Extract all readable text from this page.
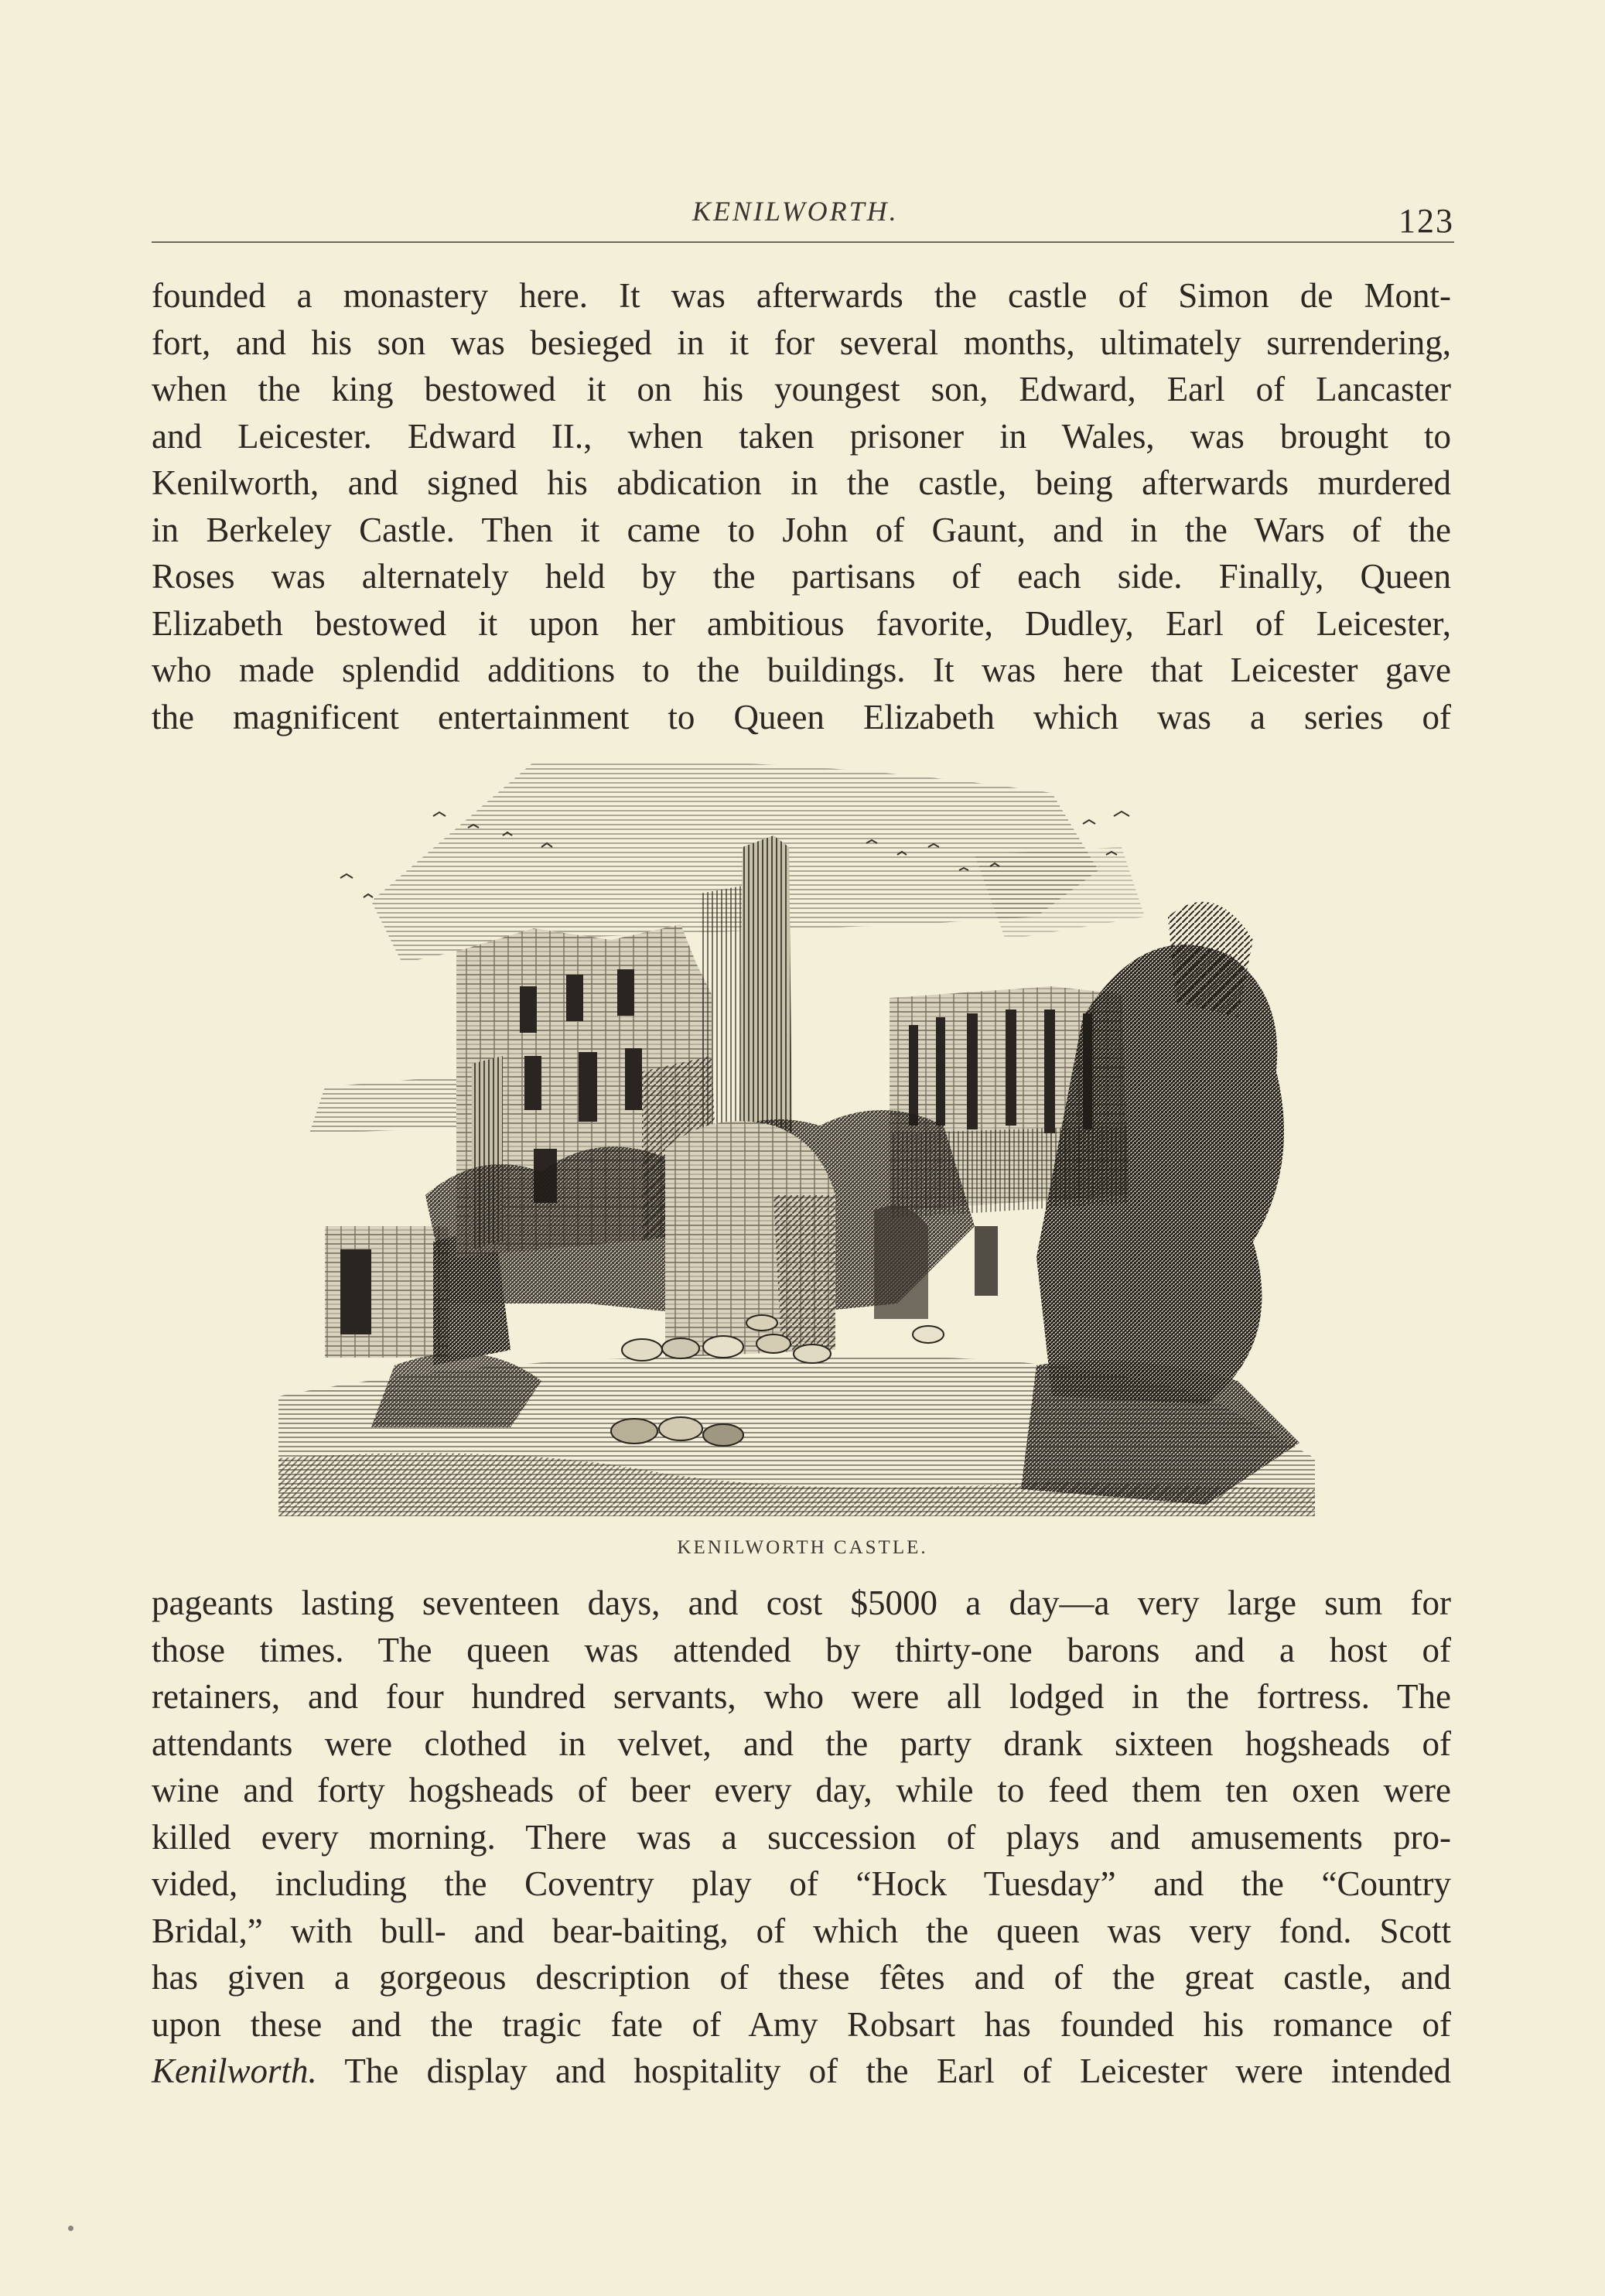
KENILWORTH.	123
founded a monastery here. It was afterwards the castle of Simon de Mont-
fort, and his son was besieged in it for several months, ultimately surrendering,
when the king bestowed it on his youngest son, Edward, Earl of Lancaster
and Leicester. Edward II., when taken prisoner in Wales, was brought to
Kenilworth, and signed his abdication in the castle, being afterwards murdered
in Berkeley Castle. Then it came to John of Gaunt, and in the Wars of the
Roses was alternately held by the partisans of each side. Finally, Queen
Elizabeth bestowed it upon her ambitious favorite, Dudley, Earl of Leicester,
who made splendid additions to the buildings. It was here that Leicester gave
the magnificent entertainment to Queen Elizabeth which was a series of
KENILWORTH CASTLE.
pageants lasting seventeen days, and cost $5000 a day—a very large sum for
those times. The queen was attended by thirty-one barons and a host of
retainers, and four hundred servants, who were all lodged in the fortress. The
attendants were clothed in velvet, and the party drank sixteen hogsheads of
wine and forty hogsheads of beer every day, while to feed them ten oxen were
killed every morning. There was a succession of plays and amusements pro-
vided, including the Coventry play of “Hock Tuesday” and the “Country
Bridal,” with bull- and bear-baiting, of which the queen was very fond. Scott
has given a gorgeous description of these fêtes and of the great castle, and
upon these and the tragic fate of Amy Robsart has founded his romance of
Kenilworth. The display and hospitality of the Earl of Leicester were intended
